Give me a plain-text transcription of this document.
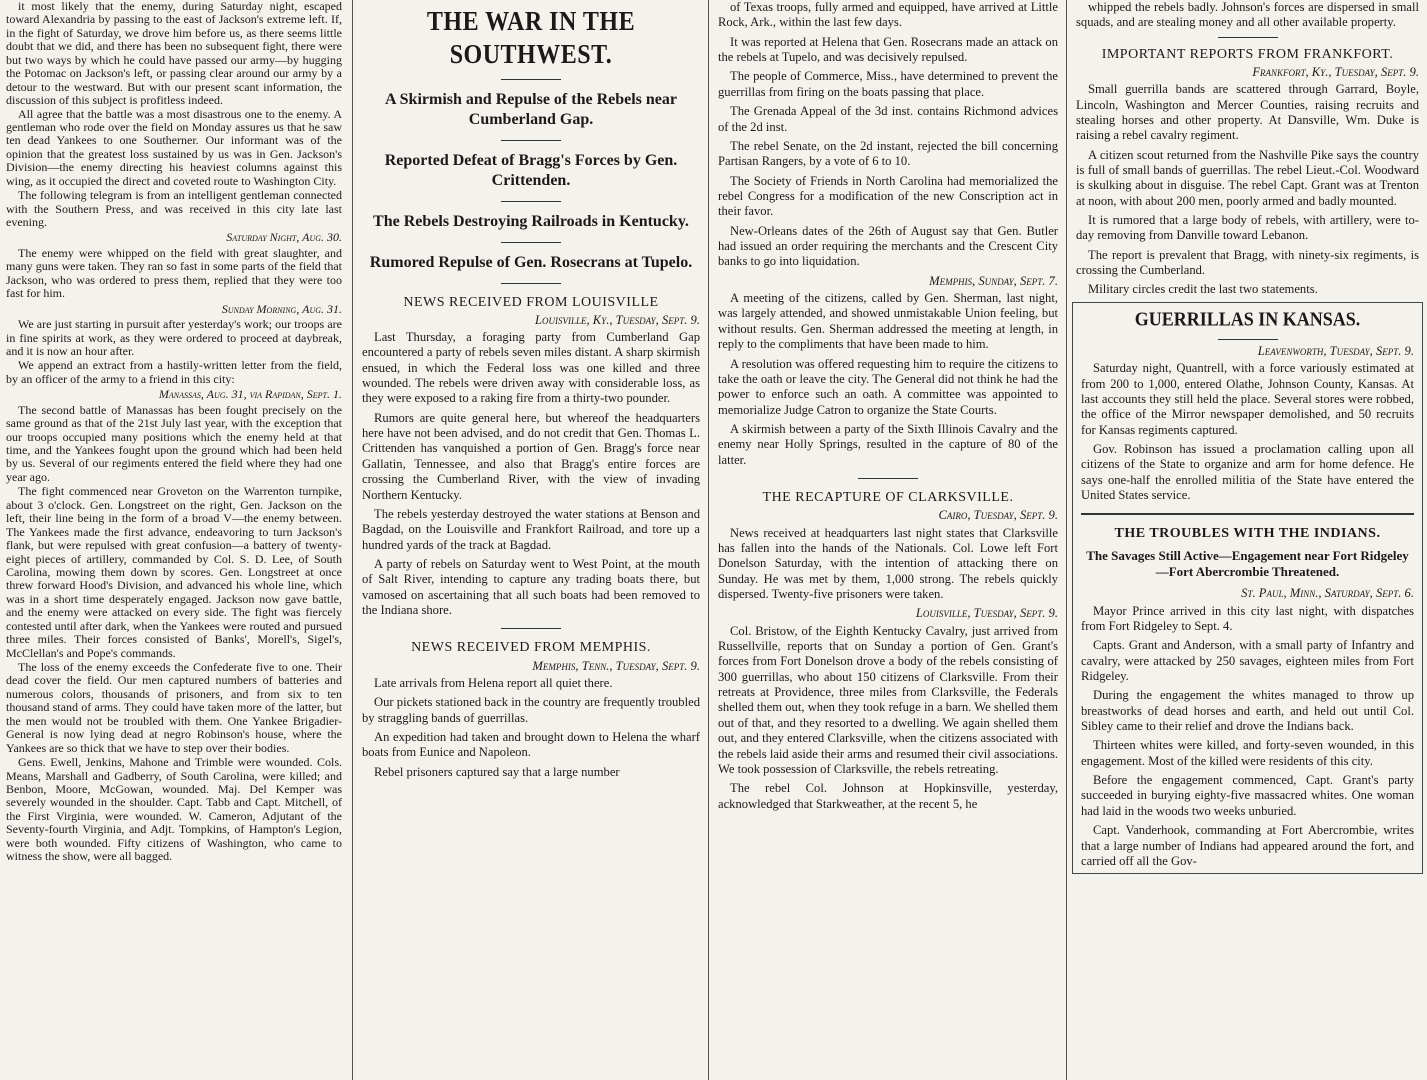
it most likely that the enemy, during Saturday night, escaped toward Alexandria by passing to the east of Jackson's extreme left. If, in the fight of Saturday, we drove him before us, as there seems little doubt that we did, and there has been no subsequent fight, there were but two ways by which he could have passed our army—by hugging the Potomac on Jackson's left, or passing clear around our army by a detour to the westward. But with our present scant information, the discussion of this subject is profitless indeed.

All agree that the battle was a most disastrous one to the enemy. A gentleman who rode over the field on Monday assures us that he saw ten dead Yankees to one Southerner. Our informant was of the opinion that the greatest loss sustained by us was in Gen. Jackson's Division—the enemy directing his heaviest columns against this wing, as it occupied the direct and coveted route to Washington City.

The following telegram is from an intelligent gentleman connected with the Southern Press, and was received in this city late last evening.

Saturday Night, Aug. 30.

The enemy were whipped on the field with great slaughter, and many guns were taken. They ran so fast in some parts of the field that Jackson, who was ordered to press them, replied that they were too fast for him.

Sunday Morning, Aug. 31.

We are just starting in pursuit after yesterday's work; our troops are in fine spirits at work, as they were ordered to proceed at daybreak, and it is now an hour after.

We append an extract from a hastily-written letter from the field, by an officer of the army to a friend in this city:

Manassas, Aug. 31, via Rapidan, Sept. 1.

The second battle of Manassas has been fought precisely on the same ground as that of the 21st July last year, with the exception that our troops occupied many positions which the enemy held at that time, and the Yankees fought upon the ground which had been held by us. Several of our regiments entered the field where they had one year ago.

The fight commenced near Groveton on the Warrenton turnpike, about 3 o'clock. Gen. Longstreet on the right, Gen. Jackson on the left, their line being in the form of a broad V—the enemy between. The Yankees made the first advance, endeavoring to turn Jackson's flank, but were repulsed with great confusion—a battery of twenty-eight pieces of artillery, commanded by Col. S. D. Lee, of South Carolina, mowing them down by scores. Gen. Longstreet at once threw forward Hood's Division, and advanced his whole line, which was in a short time desperately engaged. Jackson now gave battle, and the enemy were attacked on every side. The fight was fiercely contested until after dark, when the Yankees were routed and pursued three miles. Their forces consisted of Banks', Morell's, Sigel's, McClellan's and Pope's commands.

The loss of the enemy exceeds the Confederate five to one. Their dead cover the field. Our men captured numbers of batteries and numerous colors, thousands of prisoners, and from six to ten thousand stand of arms. They could have taken more of the latter, but the men would not be troubled with them. One Yankee Brigadier-General is now lying dead at negro Robinson's house, where the Yankees are so thick that we have to step over their bodies.

Gens. Ewell, Jenkins, Mahone and Trimble were wounded. Cols. Means, Marshall and Gadberry, of South Carolina, were killed; and Benbon, Moore, McGowan, wounded. Maj. Del Kemper was severely wounded in the shoulder. Capt. Tabb and Capt. Mitchell, of the First Virginia, were wounded. W. Cameron, Adjutant of the Seventy-fourth Virginia, and Adjt. Tompkins, of Hampton's Legion, were both wounded. Fifty citizens of Washington, who came to witness the show, were all bagged.

THE WAR IN THE SOUTHWEST.
A Skirmish and Repulse of the Rebels near Cumberland Gap.
Reported Defeat of Bragg's Forces by Gen. Crittenden.
The Rebels Destroying Railroads in Kentucky.
Rumored Repulse of Gen. Rosecrans at Tupelo.
NEWS RECEIVED FROM LOUISVILLE

Louisville, Ky., Tuesday, Sept. 9.

Last Thursday, a foraging party from Cumberland Gap encountered a party of rebels seven miles distant. A sharp skirmish ensued, in which the Federal loss was one killed and three wounded. The rebels were driven away with considerable loss, as they were exposed to a raking fire from a thirty-two pounder.

Rumors are quite general here, but whereof the headquarters here have not been advised, and do not credit that Gen. Thomas L. Crittenden has vanquished a portion of Gen. Bragg's force near Gallatin, Tennessee, and also that Bragg's entire forces are crossing the Cumberland River, with the view of invading Northern Kentucky.

The rebels yesterday destroyed the water stations at Benson and Bagdad, on the Louisville and Frankfort Railroad, and tore up a hundred yards of the track at Bagdad.

A party of rebels on Saturday went to West Point, at the mouth of Salt River, intending to capture any trading boats there, but vamosed on ascertaining that all such boats had been removed to the Indiana shore.

NEWS RECEIVED FROM MEMPHIS.

Memphis, Tenn., Tuesday, Sept. 9.

Late arrivals from Helena report all quiet there.

Our pickets stationed back in the country are frequently troubled by straggling bands of guerrillas.

An expedition had taken and brought down to Helena the wharf boats from Eunice and Napoleon.

Rebel prisoners captured say that a large number

of Texas troops, fully armed and equipped, have arrived at Little Rock, Ark., within the last few days.

It was reported at Helena that Gen. Rosecrans made an attack on the rebels at Tupelo, and was decisively repulsed.

The people of Commerce, Miss., have determined to prevent the guerrillas from firing on the boats passing that place.

The Grenada Appeal of the 3d inst. contains Richmond advices of the 2d inst.

The rebel Senate, on the 2d instant, rejected the bill concerning Partisan Rangers, by a vote of 6 to 10.

The Society of Friends in North Carolina had memorialized the rebel Congress for a modification of the new Conscription act in their favor.

New-Orleans dates of the 26th of August say that Gen. Butler had issued an order requiring the merchants and the Crescent City banks to go into liquidation.

Memphis, Sunday, Sept. 7.

A meeting of the citizens, called by Gen. Sherman, last night, was largely attended, and showed unmistakable Union feeling, but without results. Gen. Sherman addressed the meeting at length, in reply to the compliments that have been made to him.

A resolution was offered requesting him to require the citizens to take the oath or leave the city. The General did not think he had the power to enforce such an oath. A committee was appointed to memorialize Judge Catron to organize the State Courts.

A skirmish between a party of the Sixth Illinois Cavalry and the enemy near Holly Springs, resulted in the capture of 80 of the latter.

THE RECAPTURE OF CLARKSVILLE.

Cairo, Tuesday, Sept. 9.

News received at headquarters last night states that Clarksville has fallen into the hands of the Nationals. Col. Lowe left Fort Donelson Saturday, with the intention of attacking there on Sunday. He was met by them, 1,000 strong. The rebels quickly dispersed. Twenty-five prisoners were taken.

Louisville, Tuesday, Sept. 9.

Col. Bristow, of the Eighth Kentucky Cavalry, just arrived from Russellville, reports that on Sunday a portion of Gen. Grant's forces from Fort Donelson drove a body of the rebels consisting of 300 guerrillas, who about 150 citizens of Clarksville. From their retreats at Providence, three miles from Clarksville, the Federals shelled them out, when they took refuge in a barn. We shelled them out of that, and they resorted to a dwelling. We again shelled them out, and they entered Clarksville, when the citizens associated with the rebels laid aside their arms and resumed their civil associations. We took possession of Clarksville, the rebels retreating.

The rebel Col. Johnson at Hopkinsville, yesterday, acknowledged that Starkweather, at the recent 5, he

whipped the rebels badly. Johnson's forces are dispersed in small squads, and are stealing money and all other available property.

IMPORTANT REPORTS FROM FRANKFORT.

Frankfort, Ky., Tuesday, Sept. 9.

Small guerrilla bands are scattered through Garrard, Boyle, Lincoln, Washington and Mercer Counties, raising recruits and stealing horses and other property. At Dansville, Wm. Duke is raising a rebel cavalry regiment.

A citizen scout returned from the Nashville Pike says the country is full of small bands of guerrillas. The rebel Lieut.-Col. Woodward is skulking about in disguise. The rebel Capt. Grant was at Trenton at noon, with about 200 men, poorly armed and badly mounted.

It is rumored that a large body of rebels, with artillery, were to-day removing from Danville toward Lebanon.

The report is prevalent that Bragg, with ninety-six regiments, is crossing the Cumberland.

Military circles credit the last two statements.

GUERRILLAS IN KANSAS.

Leavenworth, Tuesday, Sept. 9.

Saturday night, Quantrell, with a force variously estimated at from 200 to 1,000, entered Olathe, Johnson County, Kansas. At last accounts they still held the place. Several stores were robbed, the office of the Mirror newspaper demolished, and 50 recruits for Kansas regiments captured.

Gov. Robinson has issued a proclamation calling upon all citizens of the State to organize and arm for home defence. He says one-half the enrolled militia of the State have entered the United States service.

THE TROUBLES WITH THE INDIANS.
The Savages Still Active—Engagement near Fort Ridgeley—Fort Abercrombie Threatened.

St. Paul, Minn., Saturday, Sept. 6.

Mayor Prince arrived in this city last night, with dispatches from Fort Ridgeley to Sept. 4.

Capts. Grant and Anderson, with a small party of Infantry and cavalry, were attacked by 250 savages, eighteen miles from Fort Ridgeley.

During the engagement the whites managed to throw up breastworks of dead horses and earth, and held out until Col. Sibley came to their relief and drove the Indians back.

Thirteen whites were killed, and forty-seven wounded, in this engagement. Most of the killed were residents of this city.

Before the engagement commenced, Capt. Grant's party succeeded in burying eighty-five massacred whites. One woman had laid in the woods two weeks unburied.

Capt. Vanderhook, commanding at Fort Abercrombie, writes that a large number of Indians had appeared around the fort, and carried off all the Gov-
